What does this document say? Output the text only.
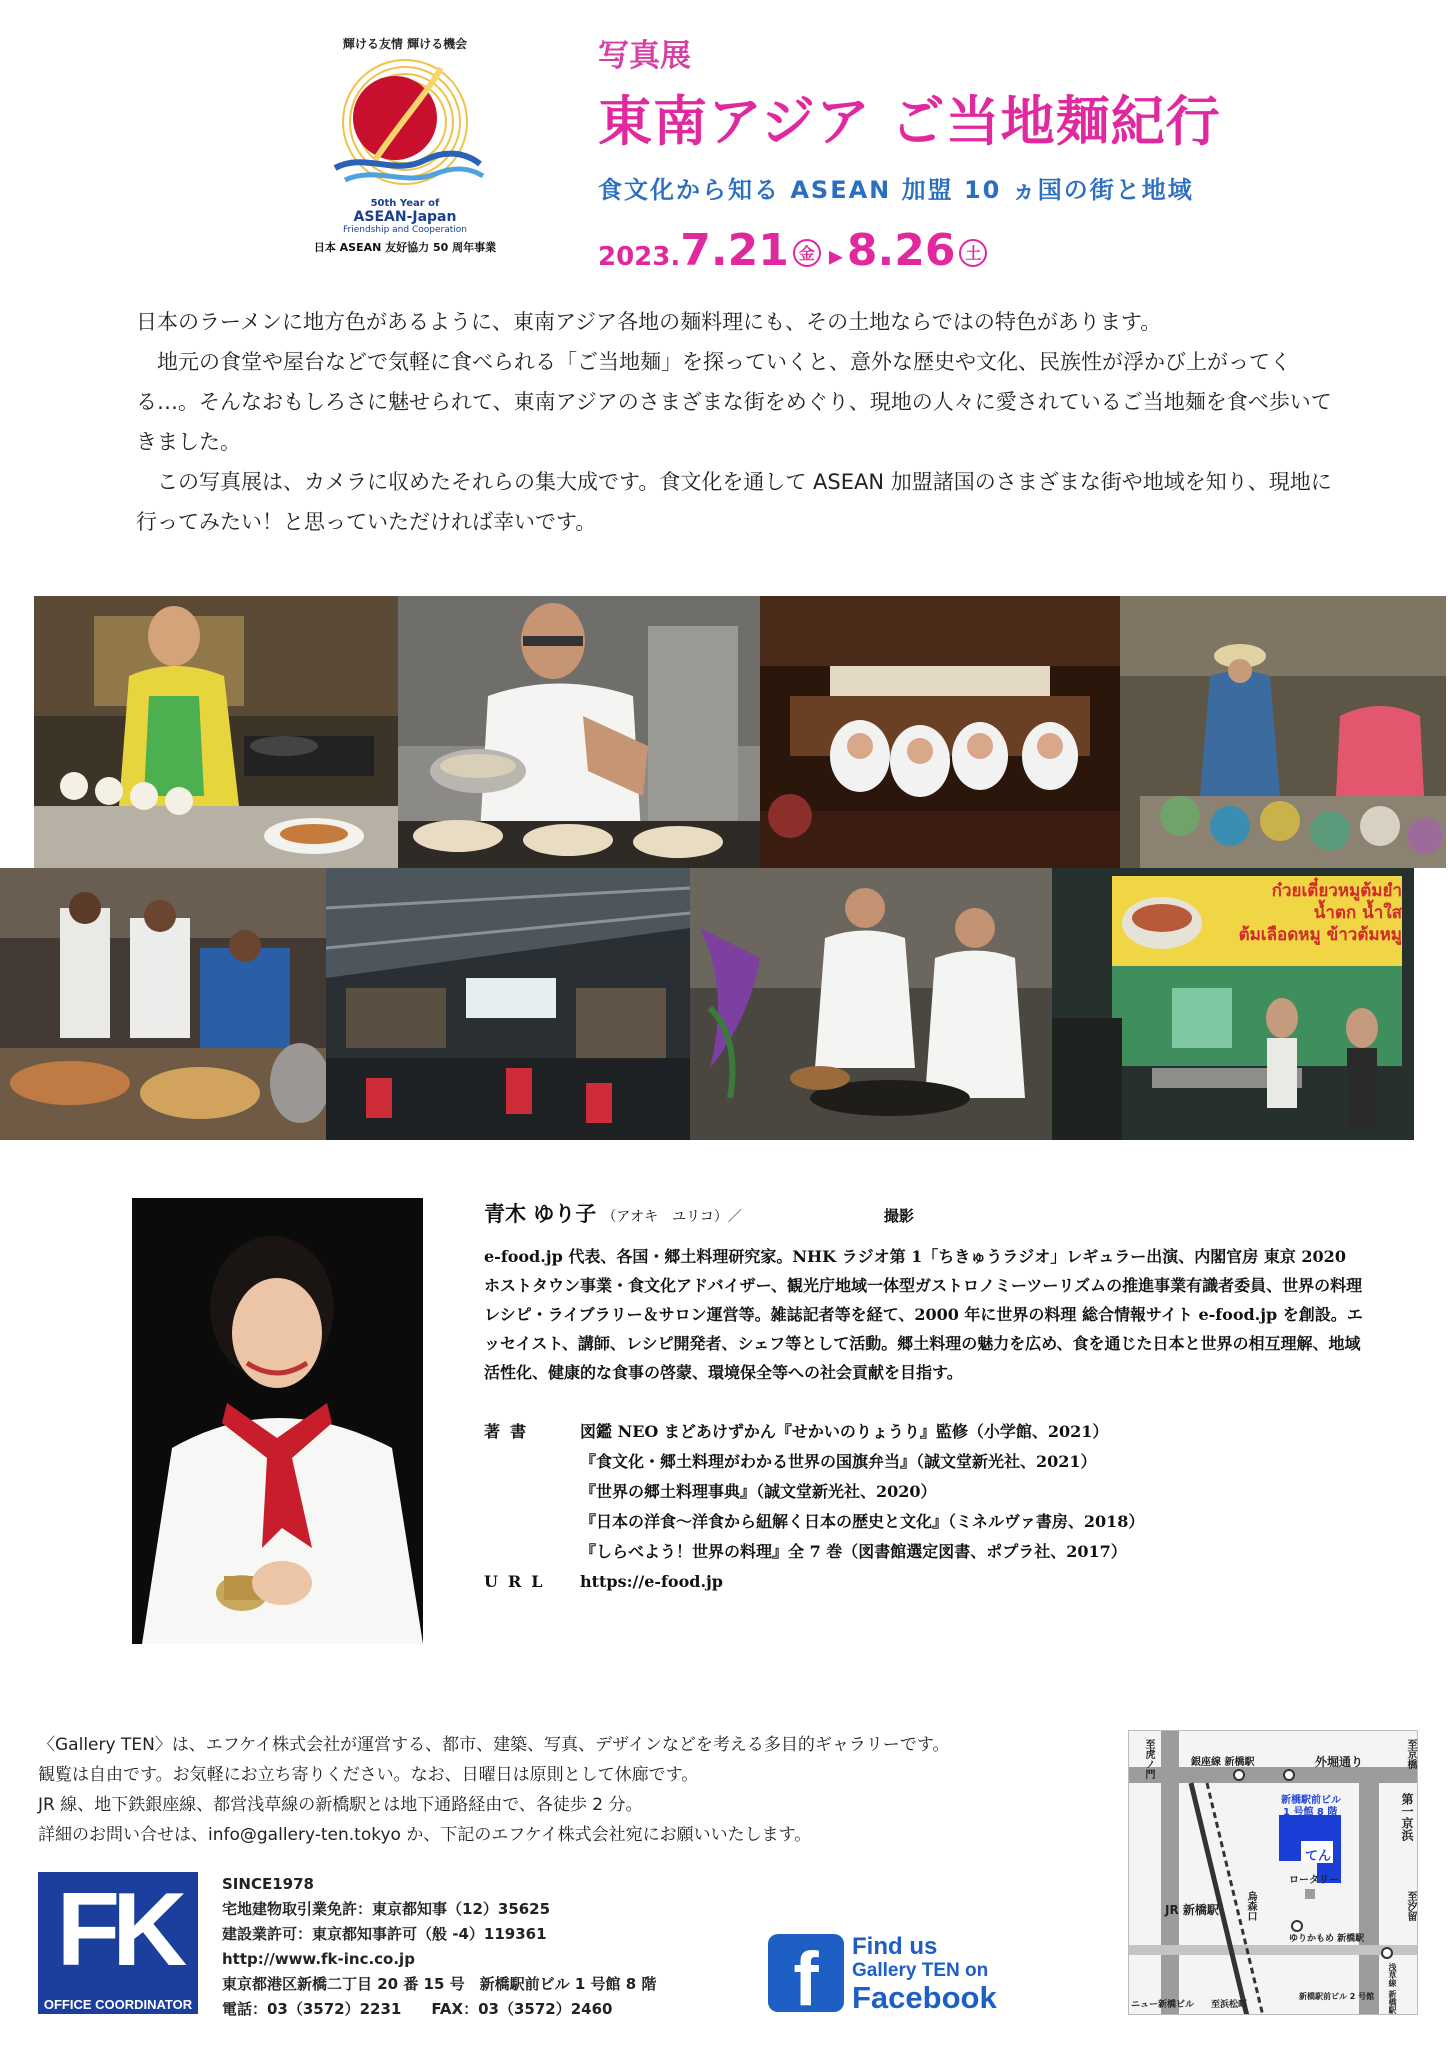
輝ける友情 輝ける機会
50th Year of
ASEAN-Japan
Friendship and Cooperation
日本 ASEAN 友好協力 50 周年事業
写真展
東南アジア ご当地麺紀行
食文化から知る ASEAN 加盟 10 ヵ国の街と地域
2023. 7.21 金 ▸ 8.26 土

日本のラーメンに地方色があるように、東南アジア各地の麺料理にも、その土地ならではの特色があります。

　地元の食堂や屋台などで気軽に食べられる「ご当地麺」を探っていくと、意外な歴史や文化、民族性が浮かび上がってくる…。そんなおもしろさに魅せられて、東南アジアのさまざまな街をめぐり、現地の人々に愛されているご当地麺を食べ歩いてきました。

　この写真展は、カメラに収めたそれらの集大成です。食文化を通して ASEAN 加盟諸国のさまざまな街や地域を知り、現地に行ってみたい！と思っていただければ幸いです。

ก๋วยเตี๋ยวหมูต้มยำ
น้ำตก น้ำใส
ต้มเลือดหมู ข้าวต้มหมู
青木 ゆり子 （アオキ　ユリコ）／	撮影
e-food.jp 代表、各国・郷土料理研究家。NHK ラジオ第 1「ちきゅうラジオ」レギュラー出演、内閣官房 東京 2020 ホストタウン事業・食文化アドバイザー、観光庁地域一体型ガストロノミーツーリズムの推進事業有識者委員、世界の料理レシピ・ライブラリー＆サロン運営等。雑誌記者等を経て、2000 年に世界の料理 総合情報サイト e-food.jp を創設。エッセイスト、講師、レシピ開発者、シェフ等として活動。郷土料理の魅力を広め、食を通じた日本と世界の相互理解、地域活性化、健康的な食事の啓蒙、環境保全等への社会貢献を目指す。
著書	図鑑 NEO まどあけずかん『せかいのりょうり』監修（小学館、2021）
『食文化・郷土料理がわかる世界の国旗弁当』（誠文堂新光社、2021）
『世界の郷土料理事典』（誠文堂新光社、2020）
『日本の洋食〜洋食から紐解く日本の歴史と文化』（ミネルヴァ書房、2018）
『しらべよう！世界の料理』全 7 巻（図書館選定図書、ポプラ社、2017）
URL	https://e-food.jp
〈Gallery TEN〉は、エフケイ株式会社が運営する、都市、建築、写真、デザインなどを考える多目的ギャラリーです。
観覧は自由です。お気軽にお立ち寄りください。なお、日曜日は原則として休廊です。
JR 線、地下鉄銀座線、都営浅草線の新橋駅とは地下通路経由で、各徒歩 2 分。
詳細のお問い合せは、info@gallery-ten.tokyo か、下記のエフケイ株式会社宛にお願いいたします。
FK
OFFICE COORDINATOR
SINCE1978
宅地建物取引業免許：東京都知事（12）35625
建設業許可：東京都知事許可（般 -4）119361
http://www.fk-inc.co.jp
東京都港区新橋二丁目 20 番 15 号　新橋駅前ビル 1 号館 8 階
電話：03（3572）2231　　FAX：03（3572）2460	f	Find us
Gallery TEN on
Facebook
銀座線 新橋駅	外堀通り
至虎ノ門
第一京浜
新橋駅前ビル
1 号館 8 階
てん
ロータリー
JR 新橋駅	烏森口
ゆりかもめ 新橋駅
至汐留
ニュー新橋ビル 至浜松町
新橋駅前ビル 2 号館 浅草線 新橋駅
至京橋
